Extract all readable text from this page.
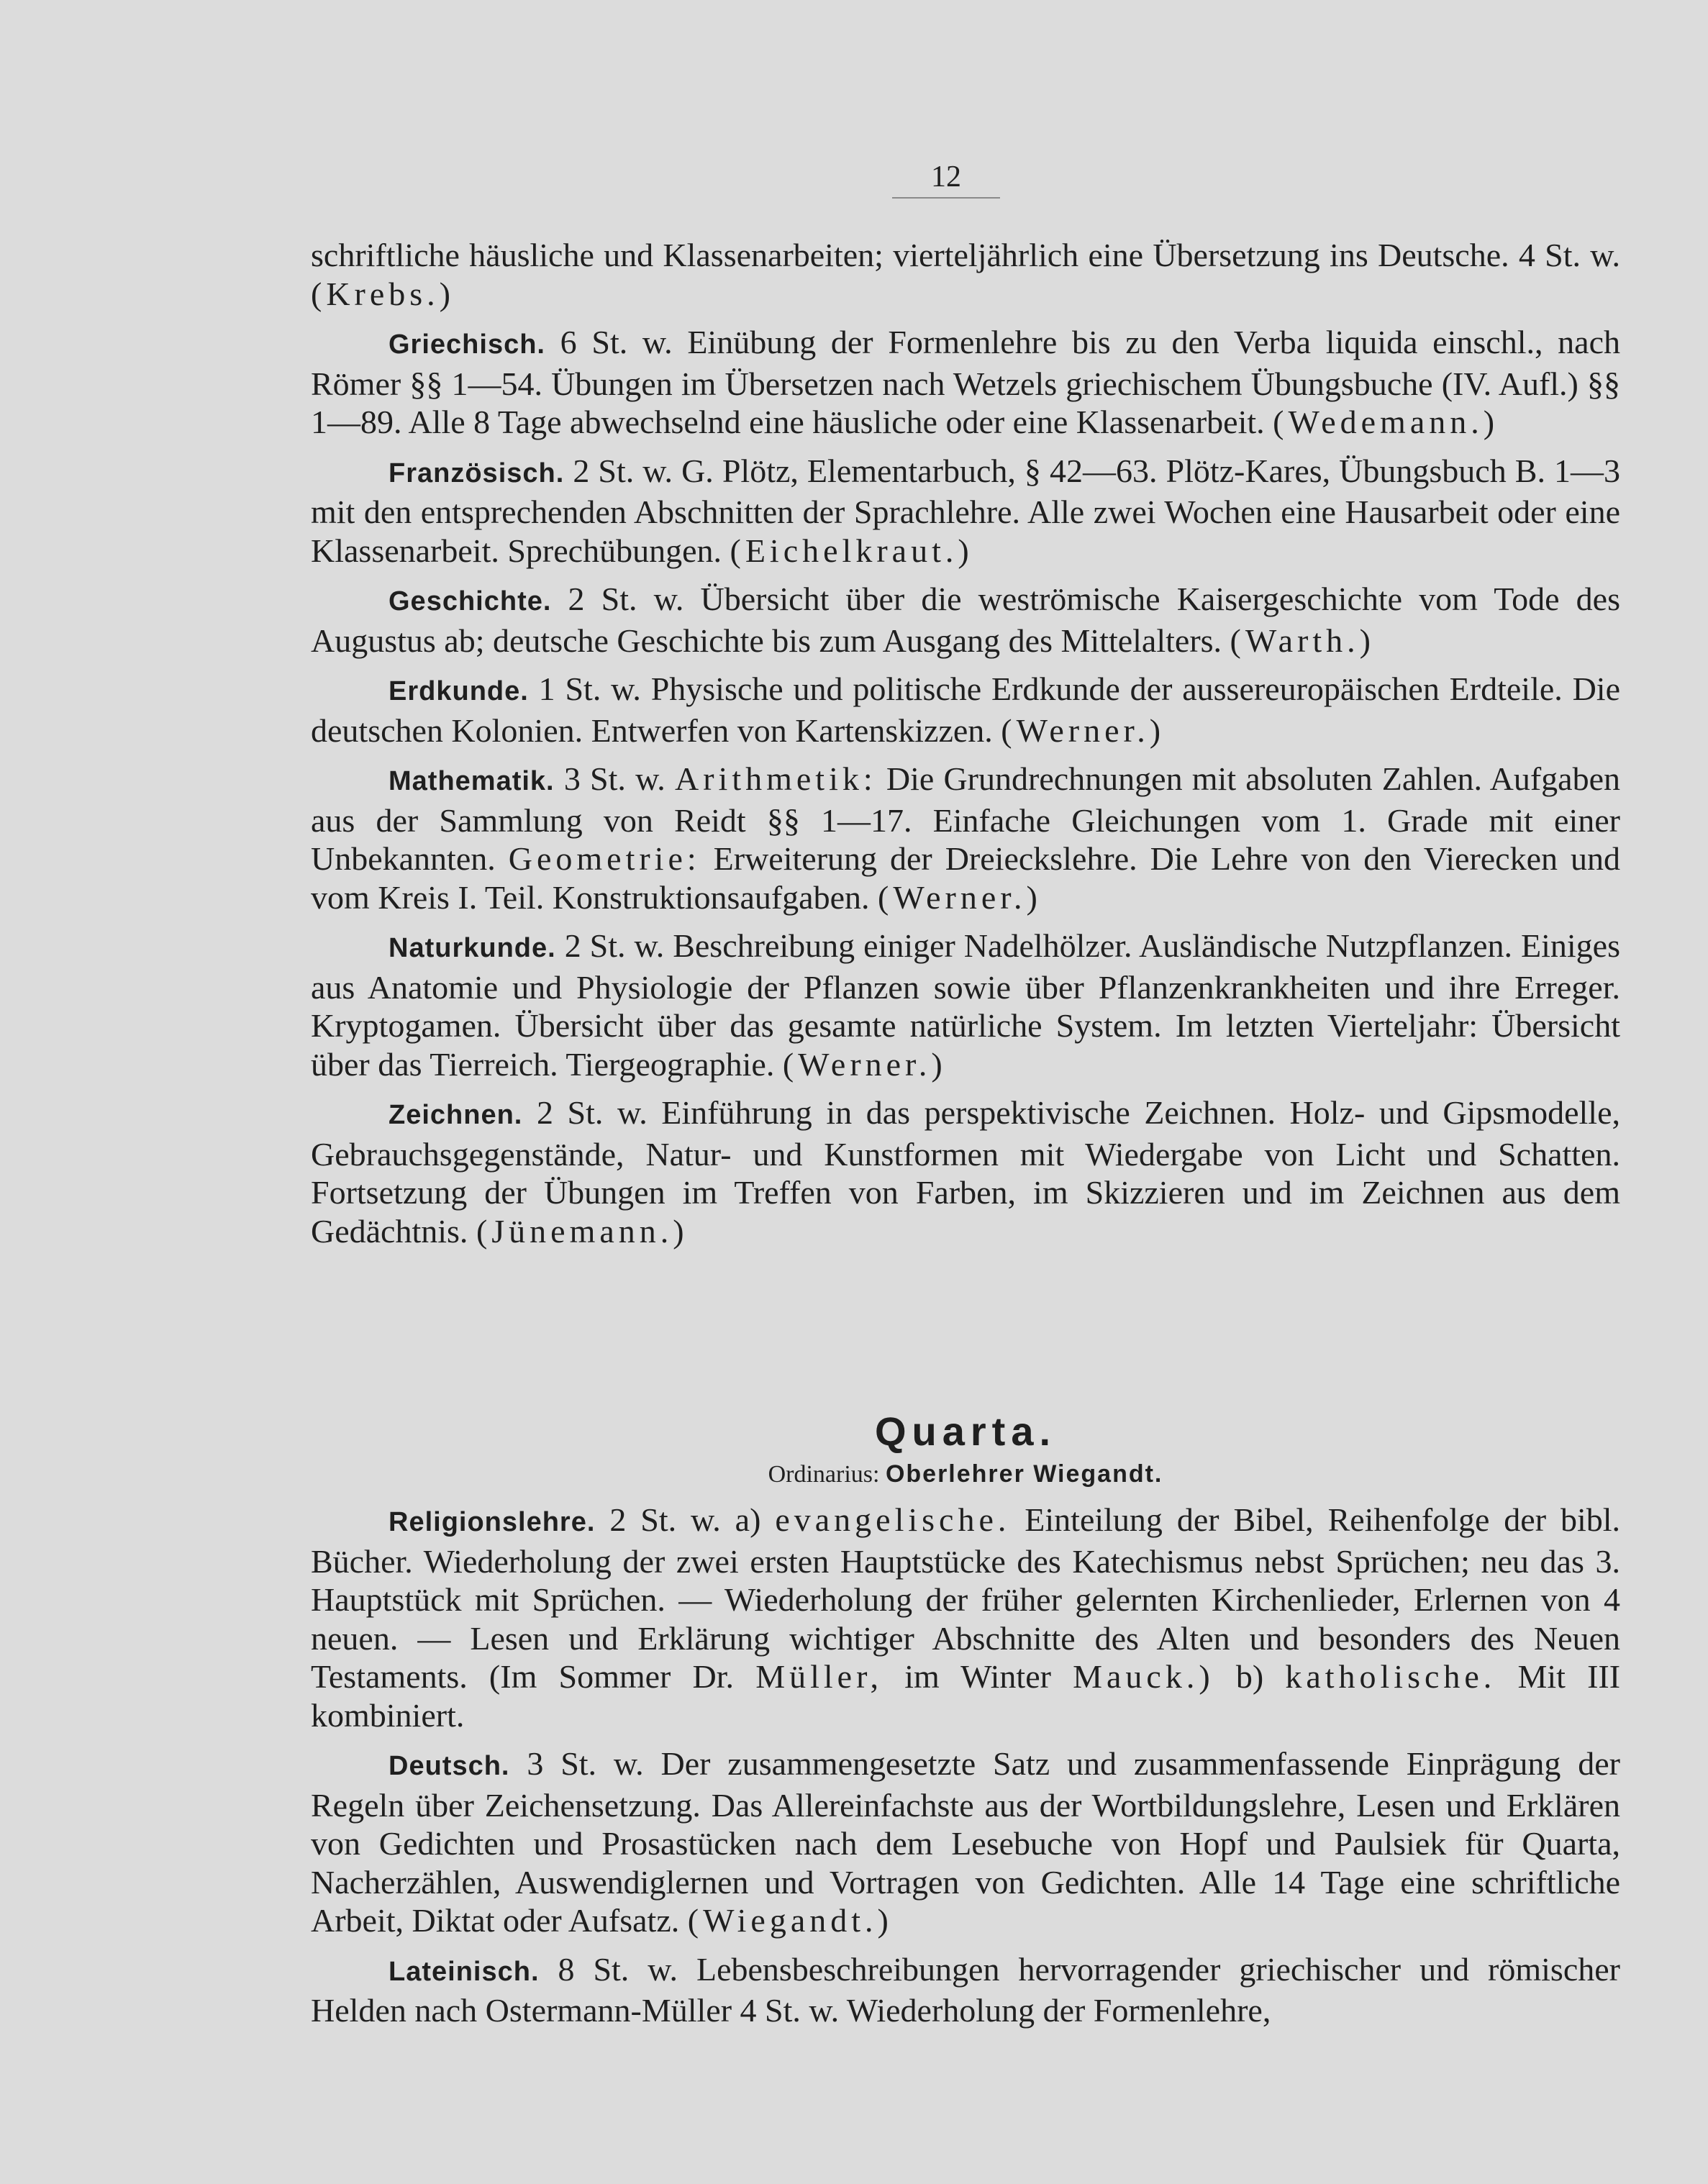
12

schriftliche häusliche und Klassenarbeiten; vierteljährlich eine Übersetzung ins Deutsche. 4 St. w. (Krebs.)

Griechisch. 6 St. w. Einübung der Formenlehre bis zu den Verba liquida einschl., nach Römer §§ 1—54. Übungen im Übersetzen nach Wetzels griechischem Übungsbuche (IV. Aufl.) §§ 1—89. Alle 8 Tage abwechselnd eine häusliche oder eine Klassenarbeit. (Wedemann.)

Französisch. 2 St. w. G. Plötz, Elementarbuch, § 42—63. Plötz-Kares, Übungsbuch B. 1—3 mit den entsprechenden Abschnitten der Sprachlehre. Alle zwei Wochen eine Hausarbeit oder eine Klassenarbeit. Sprechübungen. (Eichelkraut.)

Geschichte. 2 St. w. Übersicht über die weströmische Kaisergeschichte vom Tode des Augustus ab; deutsche Geschichte bis zum Ausgang des Mittelalters. (Warth.)

Erdkunde. 1 St. w. Physische und politische Erdkunde der aussereuropäischen Erdteile. Die deutschen Kolonien. Entwerfen von Kartenskizzen. (Werner.)

Mathematik. 3 St. w. Arithmetik: Die Grundrechnungen mit absoluten Zahlen. Aufgaben aus der Sammlung von Reidt §§ 1—17. Einfache Gleichungen vom 1. Grade mit einer Unbekannten. Geometrie: Erweiterung der Dreieckslehre. Die Lehre von den Vierecken und vom Kreis I. Teil. Konstruktionsaufgaben. (Werner.)

Naturkunde. 2 St. w. Beschreibung einiger Nadelhölzer. Ausländische Nutzpflanzen. Einiges aus Anatomie und Physiologie der Pflanzen sowie über Pflanzenkrankheiten und ihre Erreger. Kryptogamen. Übersicht über das gesamte natürliche System. Im letzten Vierteljahr: Übersicht über das Tierreich. Tiergeographie. (Werner.)

Zeichnen. 2 St. w. Einführung in das perspektivische Zeichnen. Holz- und Gipsmodelle, Gebrauchsgegenstände, Natur- und Kunstformen mit Wiedergabe von Licht und Schatten. Fortsetzung der Übungen im Treffen von Farben, im Skizzieren und im Zeichnen aus dem Gedächtnis. (Jünemann.)

Quarta.
Ordinarius: Oberlehrer Wiegandt.

Religionslehre. 2 St. w. a) evangelische. Einteilung der Bibel, Reihenfolge der bibl. Bücher. Wiederholung der zwei ersten Hauptstücke des Katechismus nebst Sprüchen; neu das 3. Hauptstück mit Sprüchen. — Wiederholung der früher gelernten Kirchenlieder, Erlernen von 4 neuen. — Lesen und Erklärung wichtiger Abschnitte des Alten und besonders des Neuen Testaments. (Im Sommer Dr. Müller, im Winter Mauck.) b) katholische. Mit III kombiniert.

Deutsch. 3 St. w. Der zusammengesetzte Satz und zusammenfassende Einprägung der Regeln über Zeichensetzung. Das Allereinfachste aus der Wortbildungslehre, Lesen und Erklären von Gedichten und Prosastücken nach dem Lesebuche von Hopf und Paulsiek für Quarta, Nacherzählen, Auswendiglernen und Vortragen von Gedichten. Alle 14 Tage eine schriftliche Arbeit, Diktat oder Aufsatz. (Wiegandt.)

Lateinisch. 8 St. w. Lebensbeschreibungen hervorragender griechischer und römischer Helden nach Ostermann-Müller 4 St. w. Wiederholung der Formenlehre,
